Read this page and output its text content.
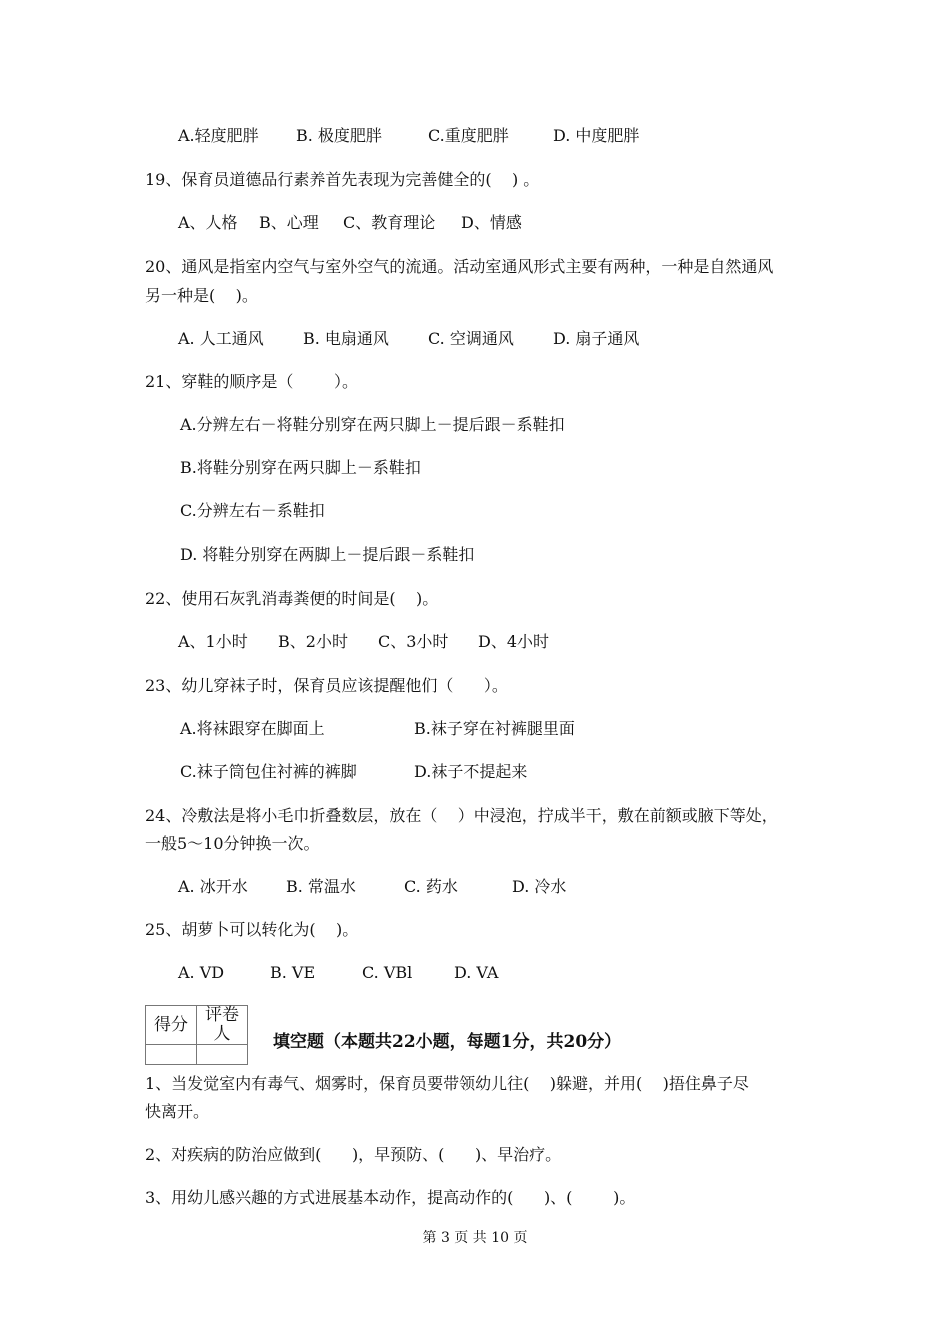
A.轻度肥胖 B. 极度肥胖	C.重度肥胖	D. 中度肥胖
19、保育员道德品行素养首先表现为完善健全的(    ) 。
A、人格 B、心理 C、教育理论 D、情感
20、通风是指室内空气与室外空气的流通。活动室通风形式主要有两种，一种是自然通风
另一种是(    )。
A. 人工通风 B. 电扇通风 C. 空调通风 D. 扇子通风
21、穿鞋的顺序是（        ）。
A.分辨左右－将鞋分别穿在两只脚上－提后跟－系鞋扣
B.将鞋分别穿在两只脚上－系鞋扣
C.分辨左右－系鞋扣
D. 将鞋分别穿在两脚上－提后跟－系鞋扣
22、使用石灰乳消毒粪便的时间是(    )。
A、1小时 B、2小时 C、3小时 D、4小时
23、幼儿穿袜子时，保育员应该提醒他们（      ）。
A.将袜跟穿在脚面上	B.袜子穿在衬裤腿里面
C.袜子筒包住衬裤的裤脚	D.袜子不提起来
24、冷敷法是将小毛巾折叠数层，放在（    ）中浸泡，拧成半干，敷在前额或腋下等处，
一般5～10分钟换一次。
A. 冰开水 B. 常温水	C. 药水	D. 冷水
25、胡萝卜可以转化为(    )。
A. VD	B. VE	C. VBl	D. VA
得分	评卷人
		填空题（本题共22小题，每题1分，共20分）
1、当发觉室内有毒气、烟雾时，保育员要带领幼儿往(    )躲避，并用(    )捂住鼻子尽
快离开。
2、对疾病的防治应做到(      )，早预防、(      )、早治疗。
3、用幼儿感兴趣的方式进展基本动作，提高动作的(      )、(        )。
第 3 页 共 10 页
